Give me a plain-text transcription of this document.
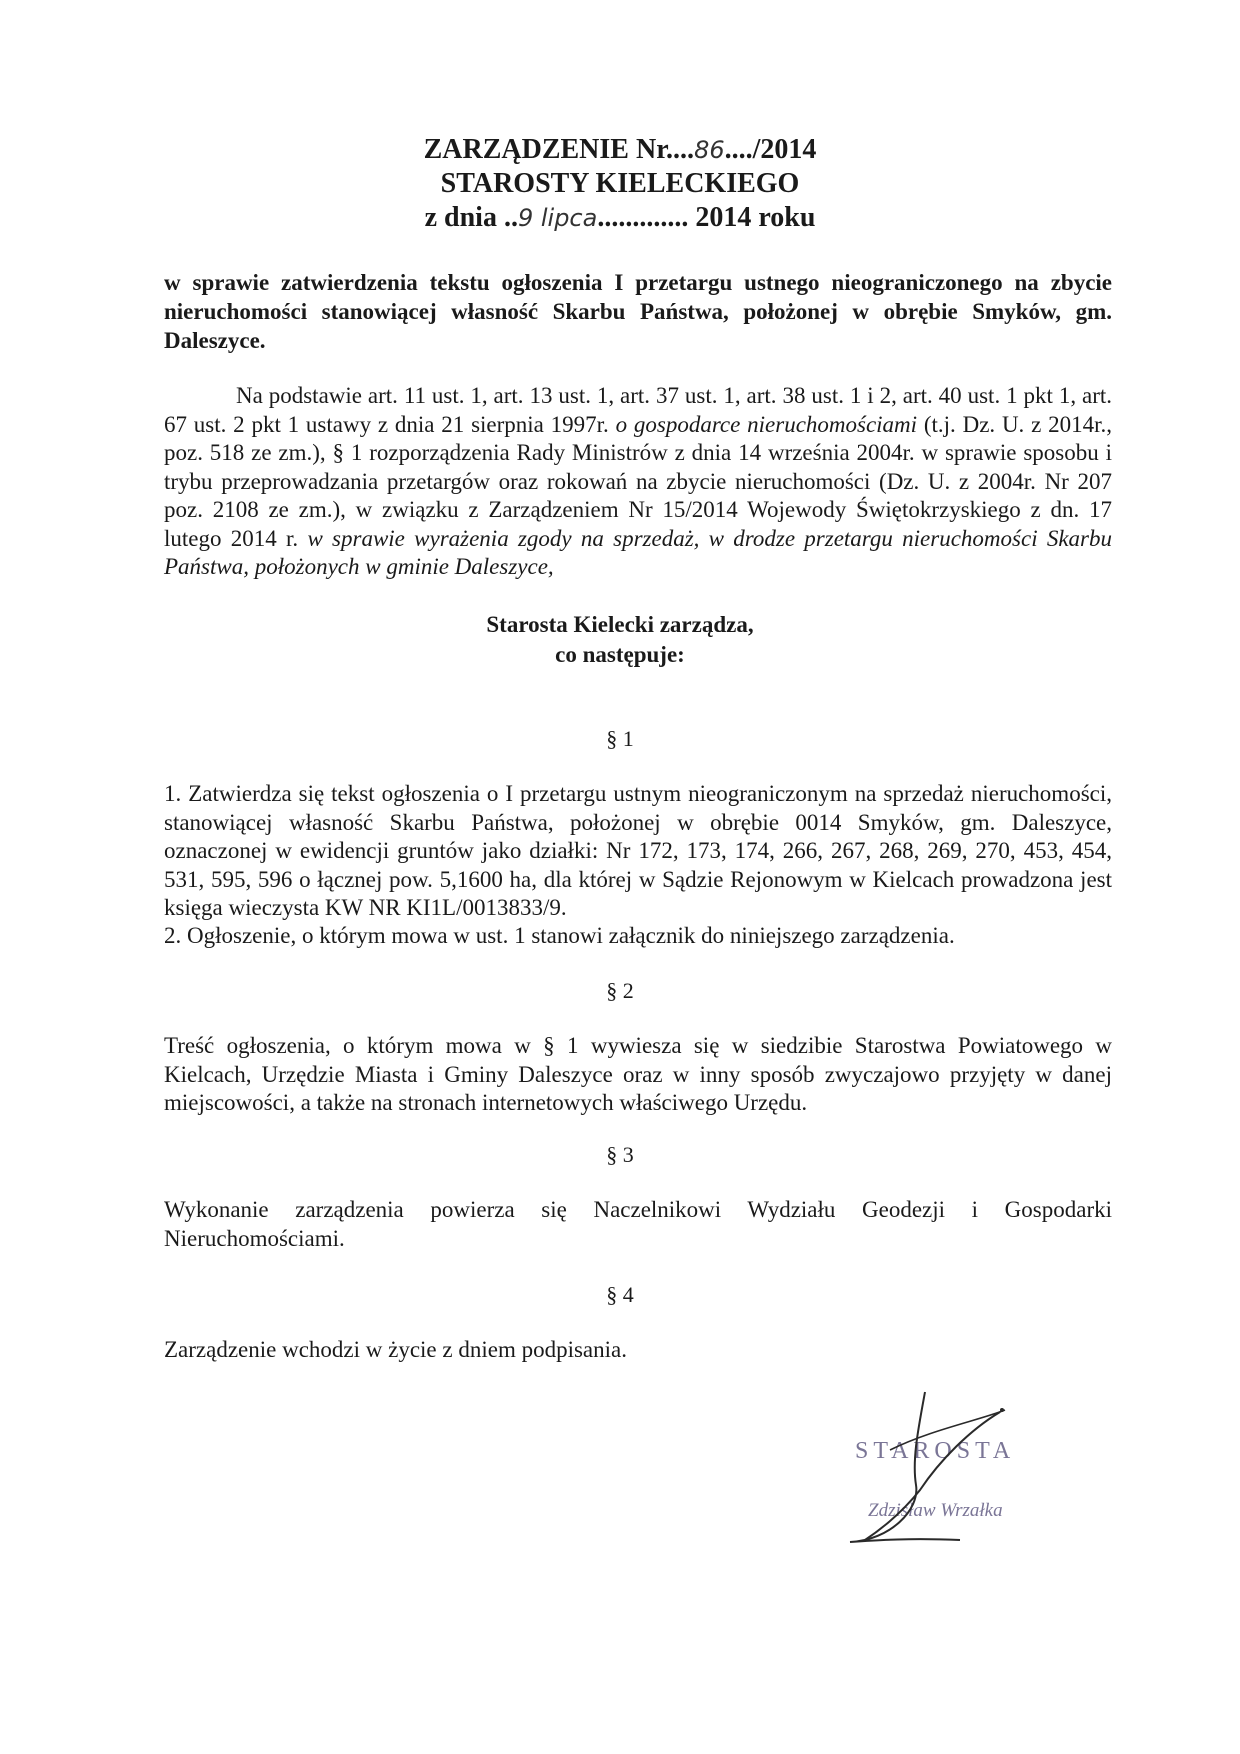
ZARZĄDZENIE Nr....86..../2014
STAROSTY KIELECKIEGO
z dnia ..9 lipca............. 2014 roku
w sprawie zatwierdzenia tekstu ogłoszenia I przetargu ustnego nieograniczonego na zbycie nieruchomości stanowiącej własność Skarbu Państwa, położonej w obrębie Smyków, gm. Daleszyce.
Na podstawie art. 11 ust. 1, art. 13 ust. 1, art. 37 ust. 1, art. 38 ust. 1 i 2, art. 40 ust. 1 pkt 1, art. 67 ust. 2 pkt 1 ustawy z dnia 21 sierpnia 1997r. o gospodarce nieruchomościami (t.j. Dz. U. z 2014r., poz. 518 ze zm.), § 1 rozporządzenia Rady Ministrów z dnia 14 września 2004r. w sprawie sposobu i trybu przeprowadzania przetargów oraz rokowań na zbycie nieruchomości (Dz. U. z 2004r. Nr 207 poz. 2108 ze zm.), w związku z Zarządzeniem Nr 15/2014 Wojewody Świętokrzyskiego z dn. 17 lutego 2014 r. w sprawie wyrażenia zgody na sprzedaż, w drodze przetargu nieruchomości Skarbu Państwa, położonych w gminie Daleszyce,
Starosta Kielecki zarządza,
co następuje:
§ 1
1. Zatwierdza się tekst ogłoszenia o I przetargu ustnym nieograniczonym na sprzedaż nieruchomości, stanowiącej własność Skarbu Państwa, położonej w obrębie 0014 Smyków, gm. Daleszyce, oznaczonej w ewidencji gruntów jako działki: Nr 172, 173, 174, 266, 267, 268, 269, 270, 453, 454, 531, 595, 596 o łącznej pow. 5,1600 ha, dla której w Sądzie Rejonowym w Kielcach prowadzona jest księga wieczysta KW NR KI1L/0013833/9.
2. Ogłoszenie, o którym mowa w ust. 1 stanowi załącznik do niniejszego zarządzenia.
§ 2
Treść ogłoszenia, o którym mowa w § 1 wywiesza się w siedzibie Starostwa Powiatowego w Kielcach, Urzędzie Miasta i Gminy Daleszyce oraz w inny sposób zwyczajowo przyjęty w danej miejscowości, a także na stronach internetowych właściwego Urzędu.
§ 3
Wykonanie zarządzenia powierza się Naczelnikowi Wydziału Geodezji i Gospodarki Nieruchomościami.
§ 4
Zarządzenie wchodzi w życie z dniem podpisania.
STAROSTA
Zdzisław Wrzałka
